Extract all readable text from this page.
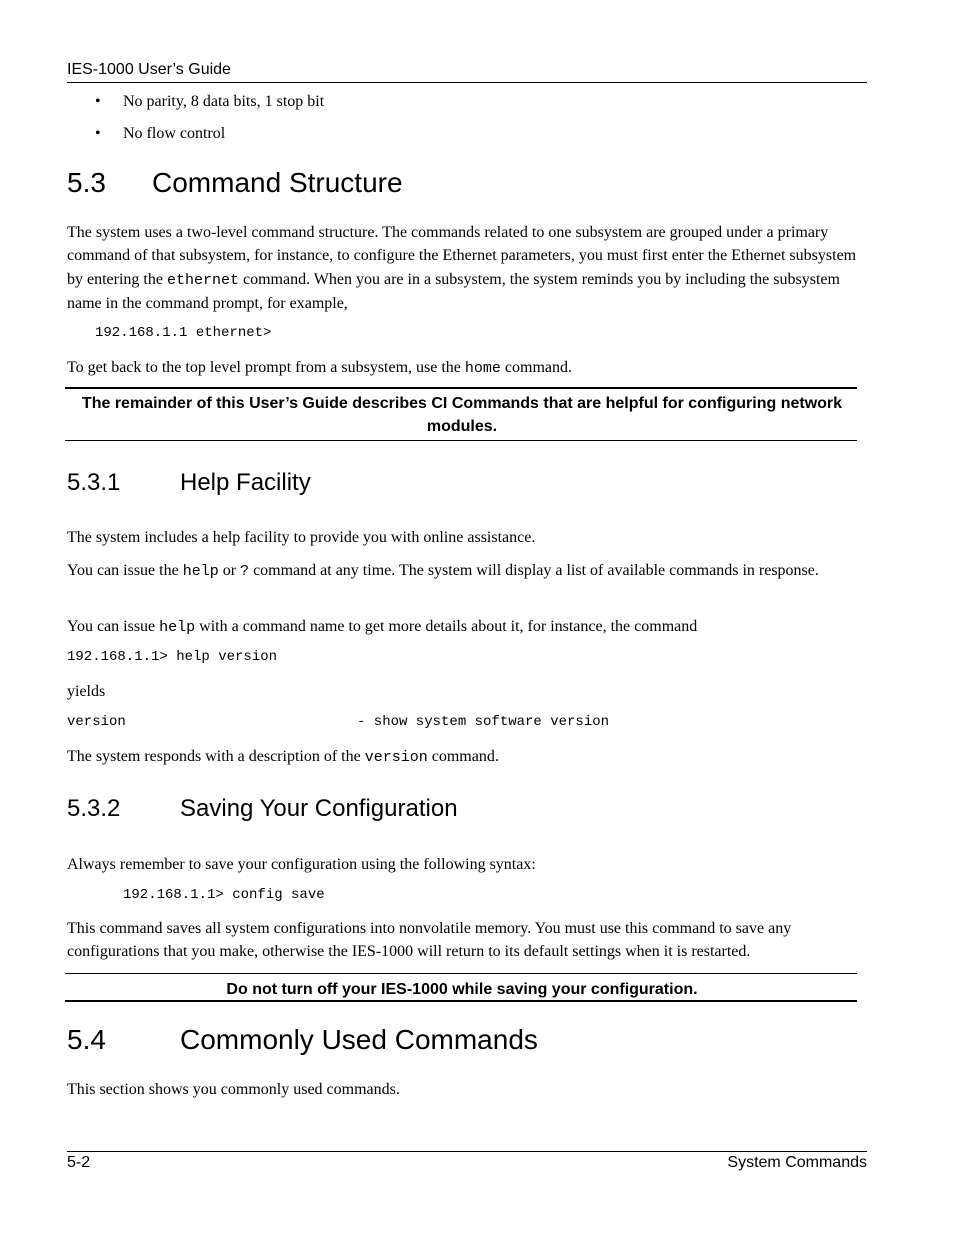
IES-1000 User’s Guide
• No parity, 8 data bits, 1 stop bit
• No flow control
5.3 Command Structure
The system uses a two-level command structure. The commands related to one subsystem are grouped under a primary command of that subsystem, for instance, to configure the Ethernet parameters, you must first enter the Ethernet subsystem by entering the ethernet command. When you are in a subsystem, the system reminds you by including the subsystem name in the command prompt, for example,
192.168.1.1 ethernet>
To get back to the top level prompt from a subsystem, use the home command.
The remainder of this User’s Guide describes CI Commands that are helpful for configuring network modules.
5.3.1 Help Facility
The system includes a help facility to provide you with online assistance.
You can issue the help or ? command at any time. The system will display a list of available commands in response.
You can issue help with a command name to get more details about it, for instance, the command
192.168.1.1> help version
yields
version	- show system software version
The system responds with a description of the version command.
5.3.2 Saving Your Configuration
Always remember to save your configuration using the following syntax:
192.168.1.1> config save
This command saves all system configurations into nonvolatile memory. You must use this command to save any configurations that you make, otherwise the IES-1000 will return to its default settings when it is restarted.
Do not turn off your IES-1000 while saving your configuration.
5.4	Commonly Used Commands
This section shows you commonly used commands.
5-2	System Commands
